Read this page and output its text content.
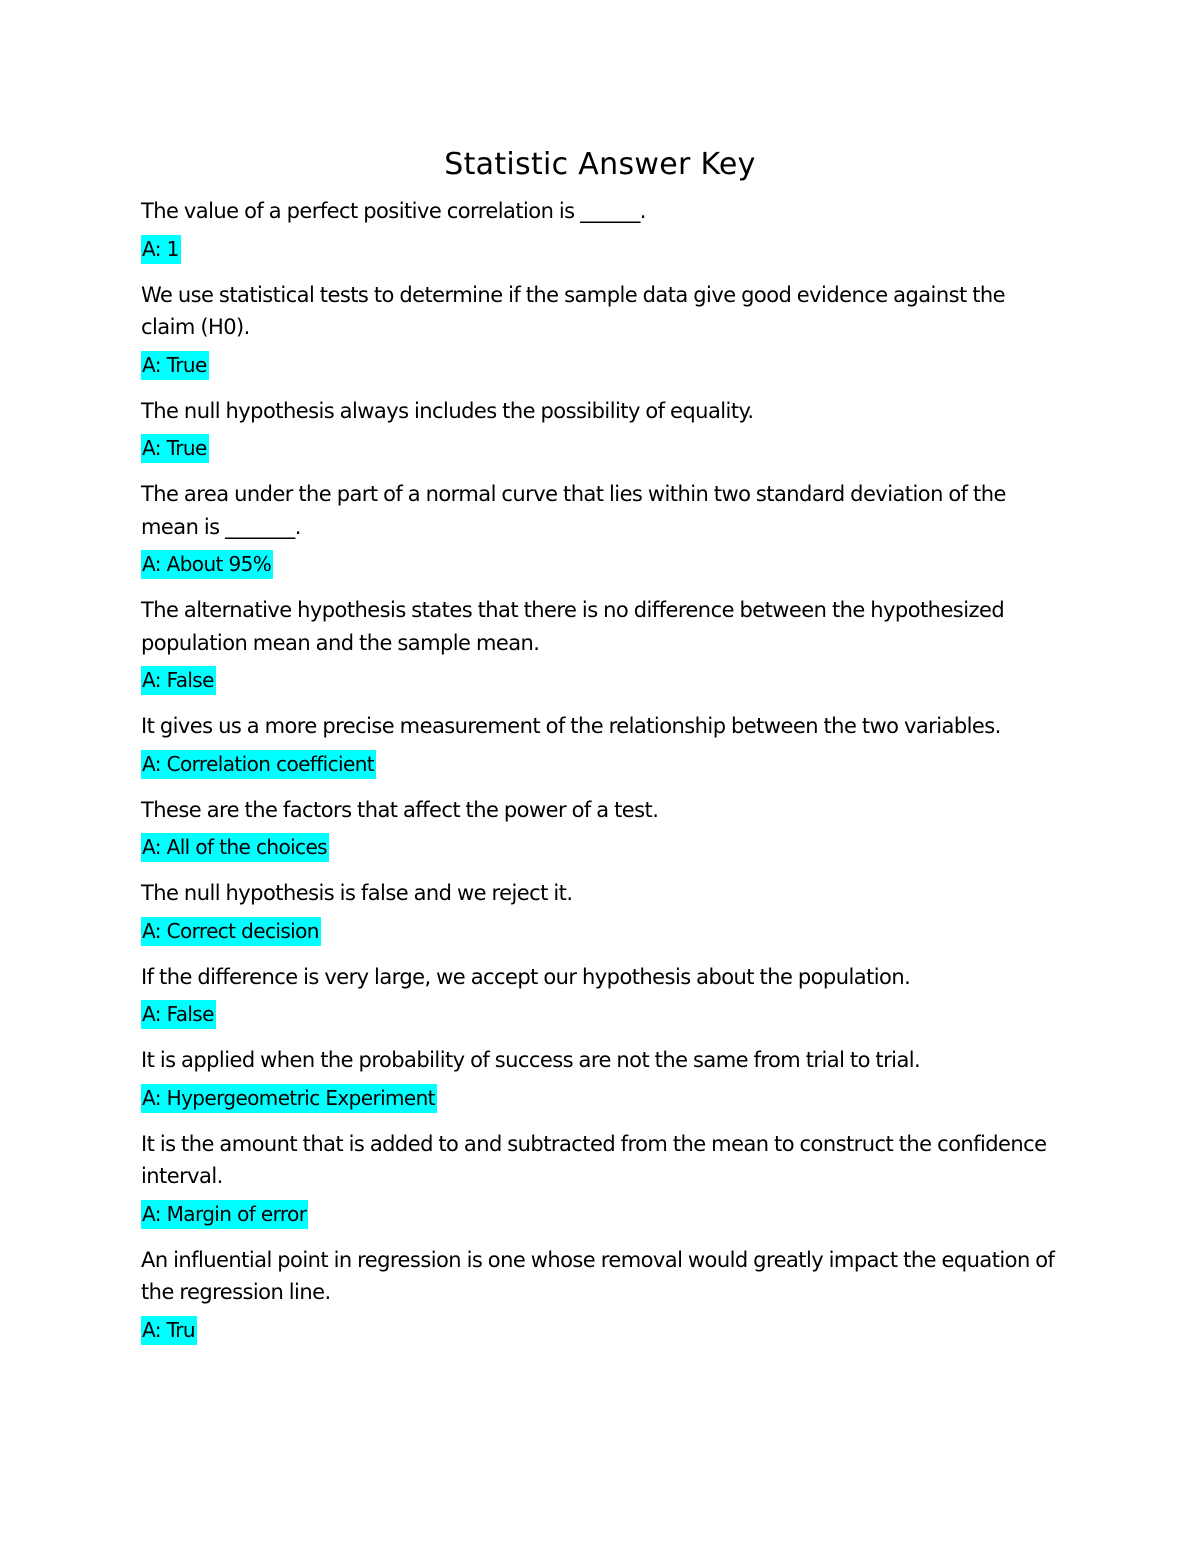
Statistic Answer Key

The value of a perfect positive correlation is ______.

A: 1

We use statistical tests to determine if the sample data give good evidence against the claim (H0).

A: True

The null hypothesis always includes the possibility of equality.

A: True

The area under the part of a normal curve that lies within two standard deviation of the mean is _______.

A: About 95%

The alternative hypothesis states that there is no difference between the hypothesized population mean and the sample mean.

A: False

It gives us a more precise measurement of the relationship between the two variables.

A: Correlation coefficient

These are the factors that affect the power of a test.

A: All of the choices

The null hypothesis is false and we reject it.

A: Correct decision

If the difference is very large, we accept our hypothesis about the population.

A: False

It is applied when the probability of success are not the same from trial to trial.

A: Hypergeometric Experiment

It is the amount that is added to and subtracted from the mean to construct the confidence interval.

A: Margin of error

An influential point in regression is one whose removal would greatly impact the equation of the regression line.

A: Tru
